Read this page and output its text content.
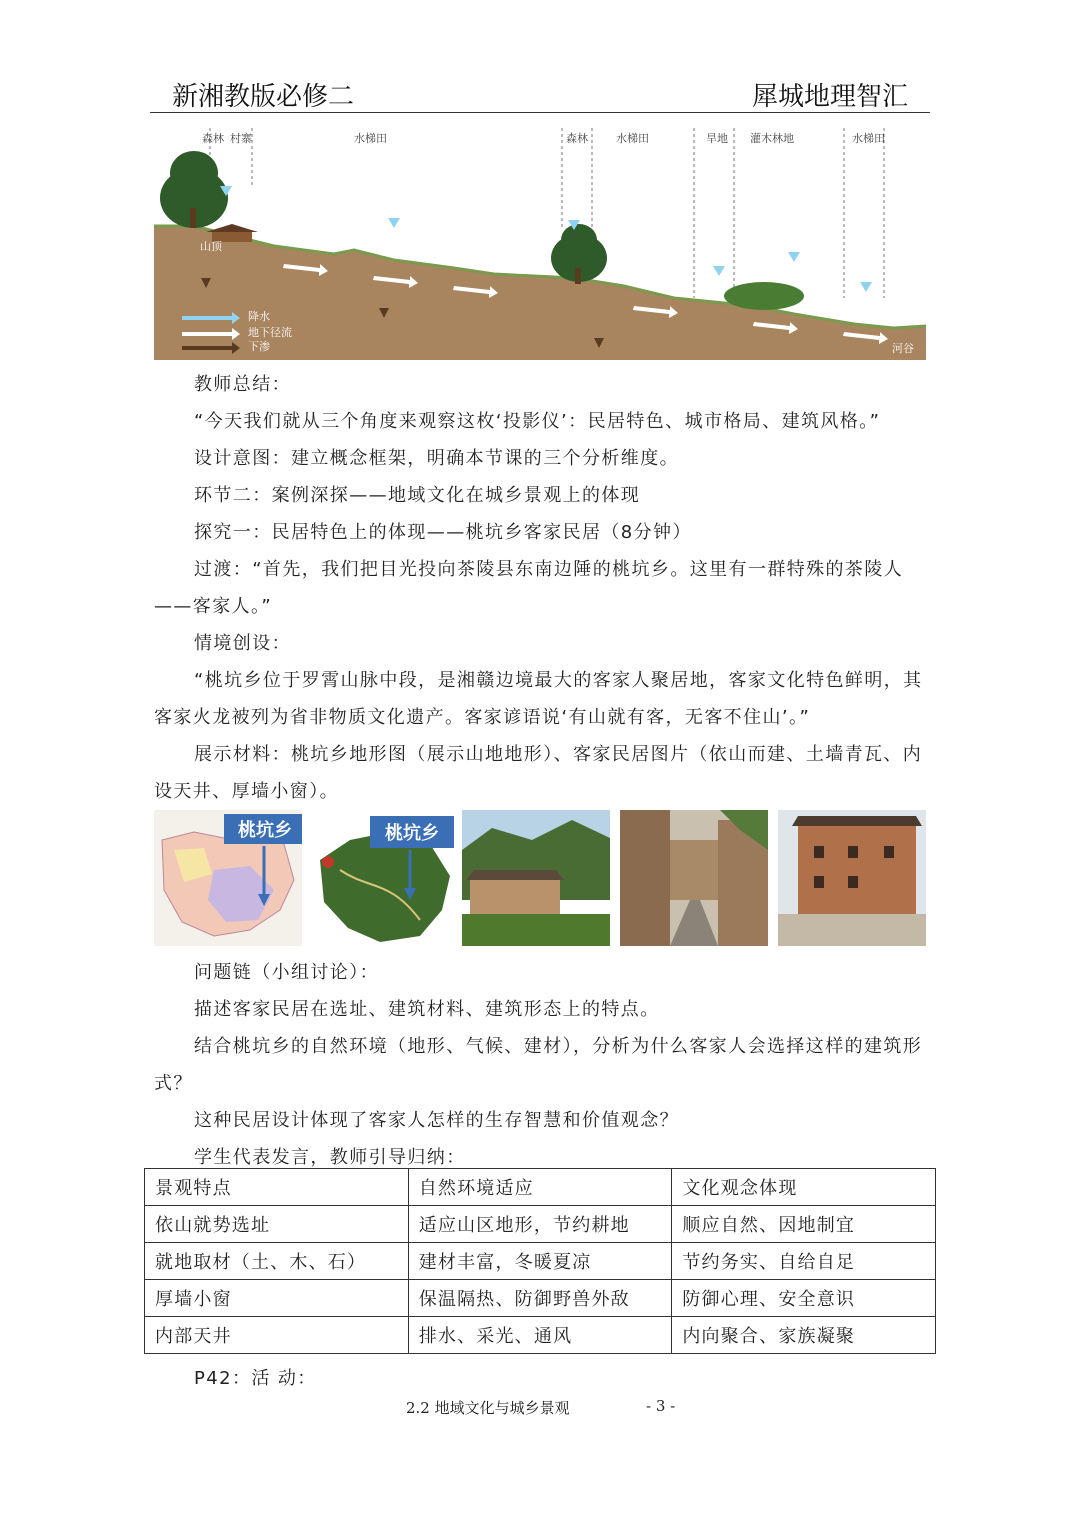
新湘教版必修二	犀城地理智汇
森林 村寨	水梯田	森林	水梯田	旱地 灌木林地	水梯田
山顶
河谷
降水
地下径流
下渗
教师总结：
“今天我们就从三个角度来观察这枚‘投影仪’：民居特色、城市格局、建筑风格。”
设计意图：建立概念框架，明确本节课的三个分析维度。
环节二：案例深探——地域文化在城乡景观上的体现
探究一：民居特色上的体现——桃坑乡客家民居（8分钟）
过渡：“首先，我们把目光投向茶陵县东南边陲的桃坑乡。这里有一群特殊的茶陵人——客家人。”
情境创设：
“桃坑乡位于罗霄山脉中段，是湘赣边境最大的客家人聚居地，客家文化特色鲜明，其客家火龙被列为省非物质文化遗产。客家谚语说‘有山就有客，无客不住山’。”
展示材料：桃坑乡地形图（展示山地地形）、客家民居图片（依山而建、土墙青瓦、内设天井、厚墙小窗）。
桃坑乡	桃坑乡
问题链（小组讨论）：
描述客家民居在选址、建筑材料、建筑形态上的特点。
结合桃坑乡的自然环境（地形、气候、建材），分析为什么客家人会选择这样的建筑形式？
这种民居设计体现了客家人怎样的生存智慧和价值观念？
学生代表发言，教师引导归纳：
景观特点	自然环境适应	文化观念体现
依山就势选址	适应山区地形，节约耕地	顺应自然、因地制宜
就地取材（土、木、石）	建材丰富，冬暖夏凉	节约务实、自给自足
厚墙小窗	保温隔热、防御野兽外敌	防御心理、安全意识
内部天井	排水、采光、通风	内向聚合、家族凝聚
P42：活 动：
2.2 地域文化与城乡景观	- 3 -
